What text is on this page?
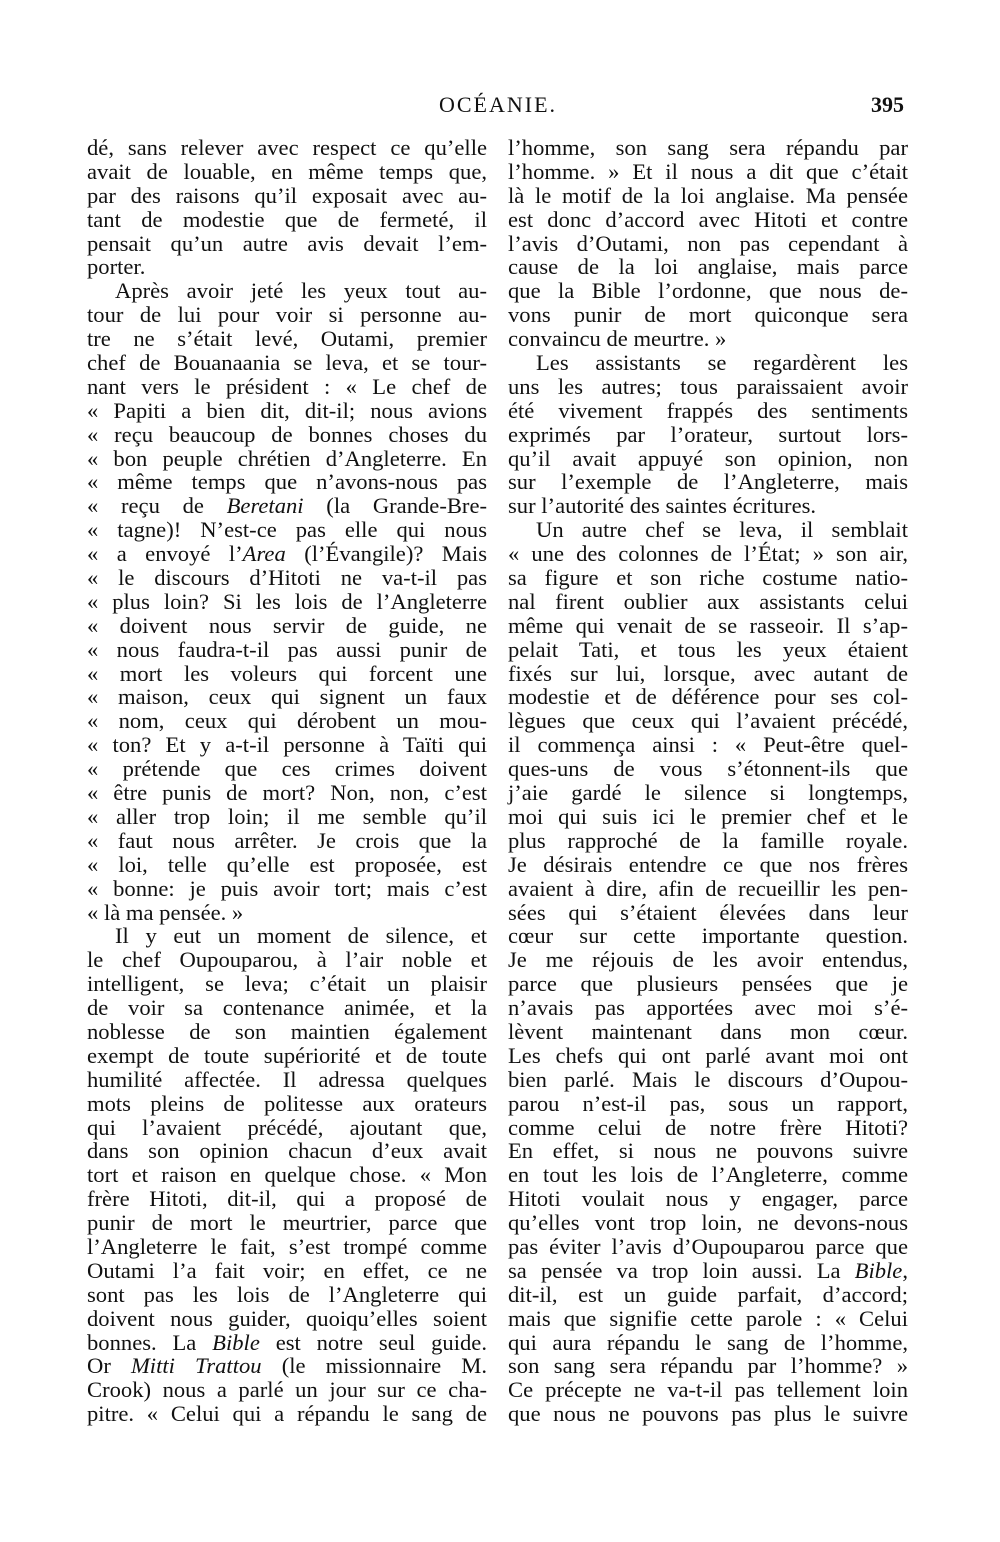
OCÉANIE.	395
dé, sans relever avec respect ce qu’elle
avait de louable, en même temps que,
par des raisons qu’il exposait avec au-
tant de modestie que de fermeté, il
pensait qu’un autre avis devait l’em-
porter.
Après avoir jeté les yeux tout au-
tour de lui pour voir si personne au-
tre ne s’était levé, Outami, premier
chef de Bouanaania se leva, et se tour-
nant vers le président : « Le chef de
« Papiti a bien dit, dit-il; nous avions
« reçu beaucoup de bonnes choses du
« bon peuple chrétien d’Angleterre. En
« même temps que n’avons-nous pas
« reçu de Beretani (la Grande-Bre-
« tagne)! N’est-ce pas elle qui nous
« a envoyé l’Area (l’Évangile)? Mais
« le discours d’Hitoti ne va-t-il pas
« plus loin? Si les lois de l’Angleterre
« doivent nous servir de guide, ne
« nous faudra-t-il pas aussi punir de
« mort les voleurs qui forcent une
« maison, ceux qui signent un faux
« nom, ceux qui dérobent un mou-
« ton? Et y a-t-il personne à Taïti qui
« prétende que ces crimes doivent
« être punis de mort? Non, non, c’est
« aller trop loin; il me semble qu’il
« faut nous arrêter. Je crois que la
« loi, telle qu’elle est proposée, est
« bonne: je puis avoir tort; mais c’est
« là ma pensée. »
Il y eut un moment de silence, et
le chef Oupouparou, à l’air noble et
intelligent, se leva; c’était un plaisir
de voir sa contenance animée, et la
noblesse de son maintien également
exempt de toute supériorité et de toute
humilité affectée. Il adressa quelques
mots pleins de politesse aux orateurs
qui l’avaient précédé, ajoutant que,
dans son opinion chacun d’eux avait
tort et raison en quelque chose. « Mon
frère Hitoti, dit-il, qui a proposé de
punir de mort le meurtrier, parce que
l’Angleterre le fait, s’est trompé comme
Outami l’a fait voir; en effet, ce ne
sont pas les lois de l’Angleterre qui
doivent nous guider, quoiqu’elles soient
bonnes. La Bible est notre seul guide.
Or Mitti Trattou (le missionnaire M.
Crook) nous a parlé un jour sur ce cha-
pitre. « Celui qui a répandu le sang de
l’homme, son sang sera répandu par
l’homme. » Et il nous a dit que c’était
là le motif de la loi anglaise. Ma pensée
est donc d’accord avec Hitoti et contre
l’avis d’Outami, non pas cependant à
cause de la loi anglaise, mais parce
que la Bible l’ordonne, que nous de-
vons punir de mort quiconque sera
convaincu de meurtre. »
Les assistants se regardèrent les
uns les autres; tous paraissaient avoir
été vivement frappés des sentiments
exprimés par l’orateur, surtout lors-
qu’il avait appuyé son opinion, non
sur l’exemple de l’Angleterre, mais
sur l’autorité des saintes écritures.
Un autre chef se leva, il semblait
« une des colonnes de l’État; » son air,
sa figure et son riche costume natio-
nal firent oublier aux assistants celui
même qui venait de se rasseoir. Il s’ap-
pelait Tati, et tous les yeux étaient
fixés sur lui, lorsque, avec autant de
modestie et de déférence pour ses col-
lègues que ceux qui l’avaient précédé,
il commença ainsi : « Peut-être quel-
ques-uns de vous s’étonnent-ils que
j’aie gardé le silence si longtemps,
moi qui suis ici le premier chef et le
plus rapproché de la famille royale.
Je désirais entendre ce que nos frères
avaient à dire, afin de recueillir les pen-
sées qui s’étaient élevées dans leur
cœur sur cette importante question.
Je me réjouis de les avoir entendus,
parce que plusieurs pensées que je
n’avais pas apportées avec moi s’é-
lèvent maintenant dans mon cœur.
Les chefs qui ont parlé avant moi ont
bien parlé. Mais le discours d’Oupou-
parou n’est-il pas, sous un rapport,
comme celui de notre frère Hitoti?
En effet, si nous ne pouvons suivre
en tout les lois de l’Angleterre, comme
Hitoti voulait nous y engager, parce
qu’elles vont trop loin, ne devons-nous
pas éviter l’avis d’Oupouparou parce que
sa pensée va trop loin aussi. La Bible,
dit-il, est un guide parfait, d’accord;
mais que signifie cette parole : « Celui
qui aura répandu le sang de l’homme,
son sang sera répandu par l’homme? »
Ce précepte ne va-t-il pas tellement loin
que nous ne pouvons pas plus le suivre
